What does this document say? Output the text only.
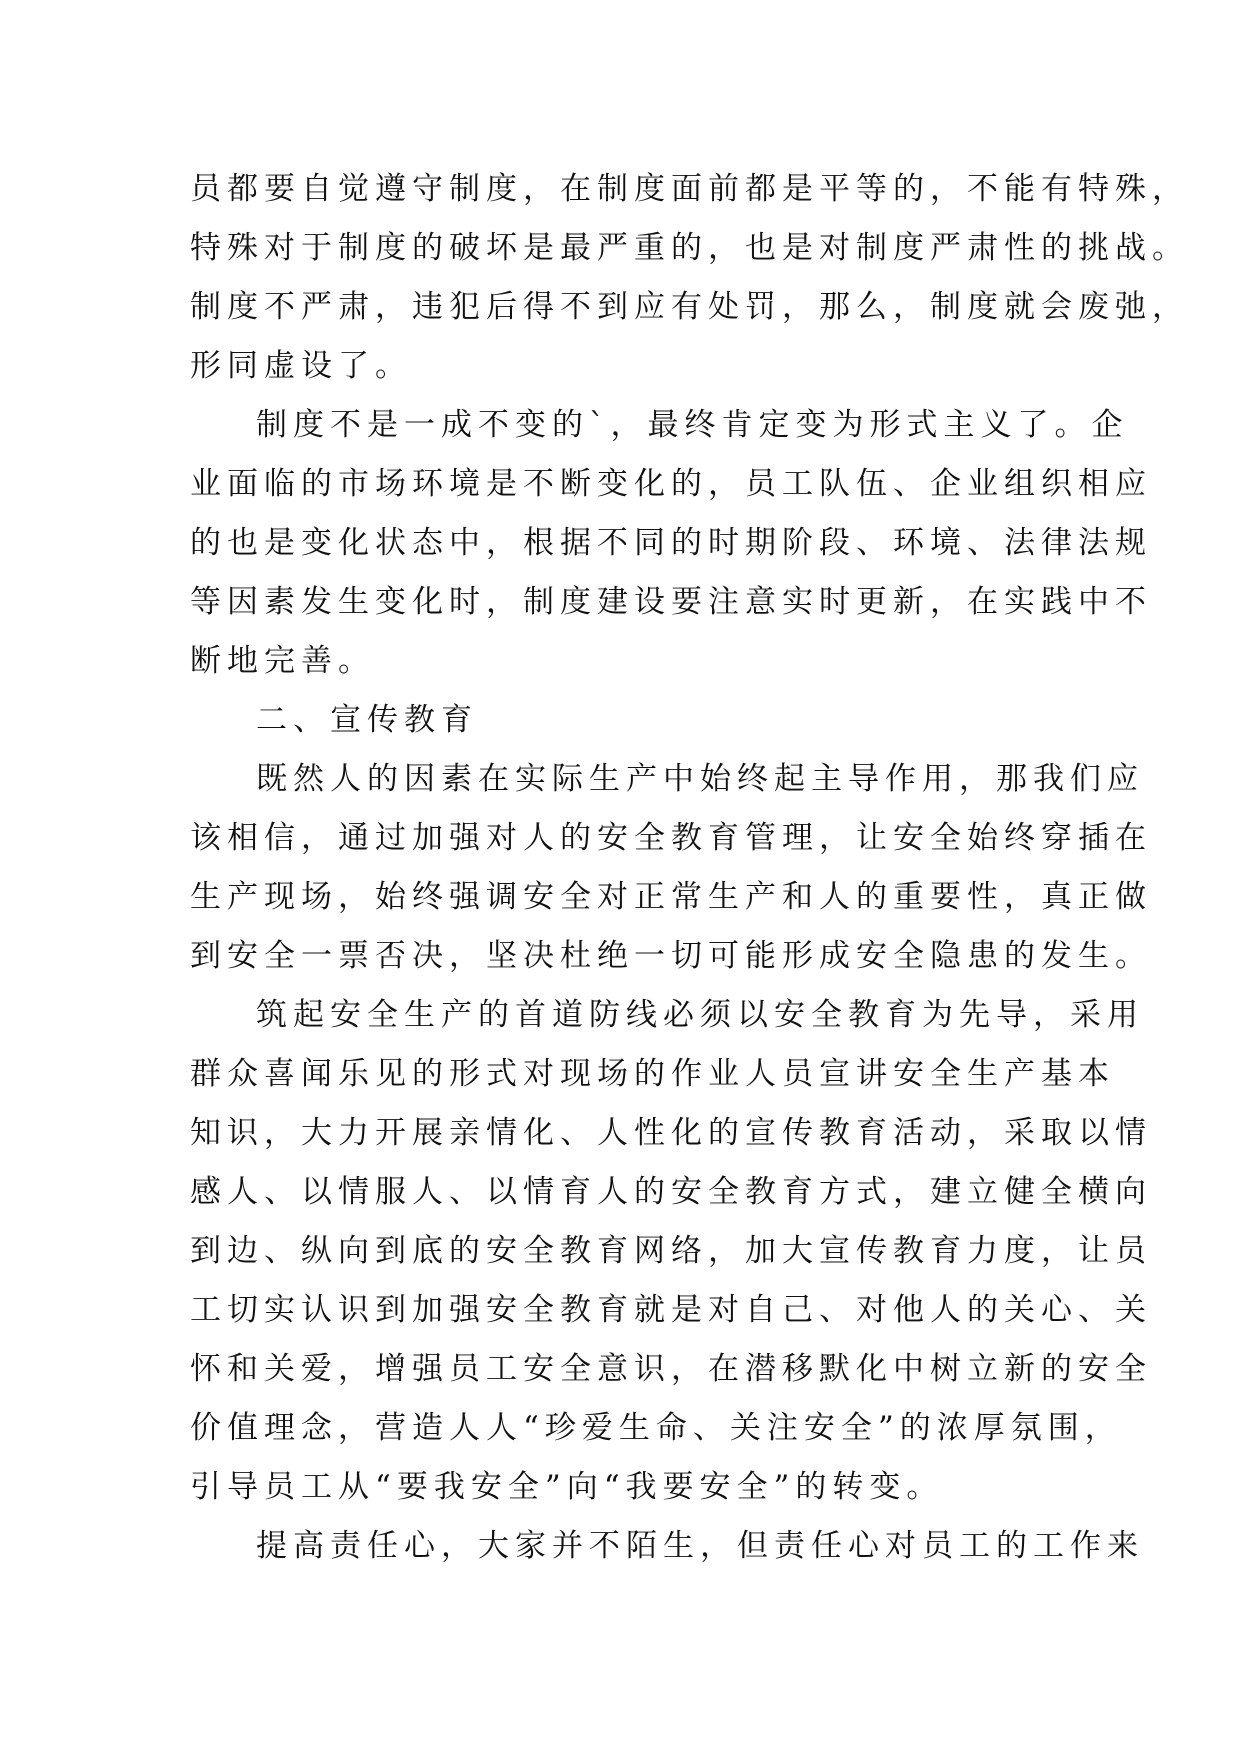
员都要自觉遵守制度，在制度面前都是平等的，不能有特殊，
特殊对于制度的破坏是最严重的，也是对制度严肃性的挑战。
制度不严肃，违犯后得不到应有处罚，那么，制度就会废弛，
形同虚设了。
制度不是一成不变的`，最终肯定变为形式主义了。企
业面临的市场环境是不断变化的，员工队伍、企业组织相应
的也是变化状态中，根据不同的时期阶段、环境、法律法规
等因素发生变化时，制度建设要注意实时更新，在实践中不
断地完善。
二、宣传教育
既然人的因素在实际生产中始终起主导作用，那我们应
该相信，通过加强对人的安全教育管理，让安全始终穿插在
生产现场，始终强调安全对正常生产和人的重要性，真正做
到安全一票否决，坚决杜绝一切可能形成安全隐患的发生。
筑起安全生产的首道防线必须以安全教育为先导，采用
群众喜闻乐见的形式对现场的作业人员宣讲安全生产基本
知识，大力开展亲情化、人性化的宣传教育活动，采取以情
感人、以情服人、以情育人的安全教育方式，建立健全横向
到边、纵向到底的安全教育网络，加大宣传教育力度，让员
工切实认识到加强安全教育就是对自己、对他人的关心、关
怀和关爱，增强员工安全意识，在潜移默化中树立新的安全
价值理念，营造人人“珍爱生命、关注安全”的浓厚氛围，
引导员工从“要我安全”向“我要安全”的转变。
提高责任心，大家并不陌生，但责任心对员工的工作来
